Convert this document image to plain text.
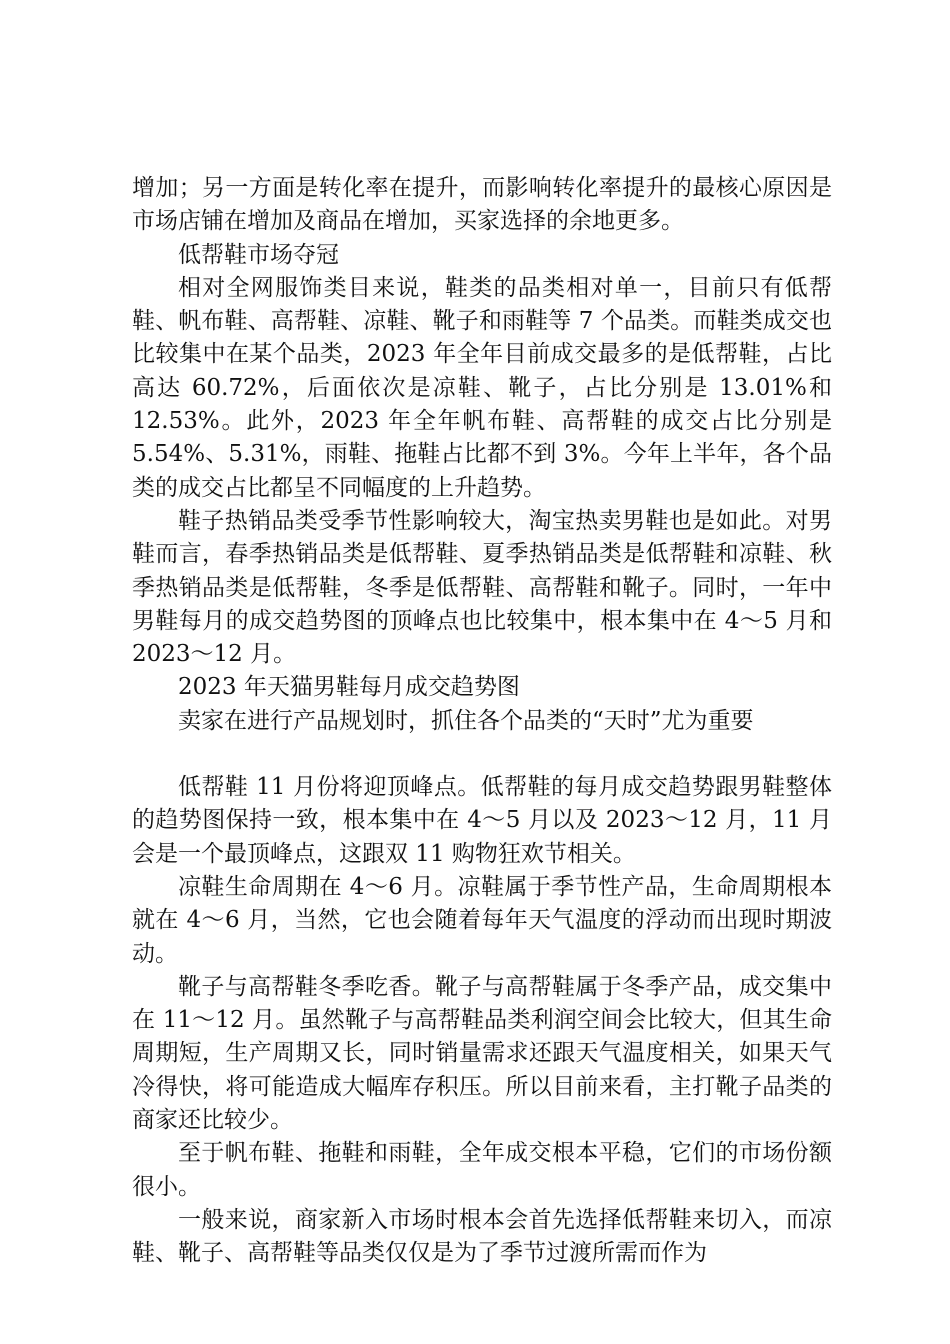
增加；另一方面是转化率在提升，而影响转化率提升的最核心原因是市场店铺在增加及商品在增加，买家选择的余地更多。

低帮鞋市场夺冠

相对全网服饰类目来说，鞋类的品类相对单一，目前只有低帮鞋、帆布鞋、高帮鞋、凉鞋、靴子和雨鞋等 7 个品类。而鞋类成交也比较集中在某个品类，2023 年全年目前成交最多的是低帮鞋，占比高达 60.72%，后面依次是凉鞋、靴子，占比分别是 13.01%和 12.53%。此外，2023 年全年帆布鞋、高帮鞋的成交占比分别是 5.54%、5.31%，雨鞋、拖鞋占比都不到 3%。今年上半年，各个品类的成交占比都呈不同幅度的上升趋势。

鞋子热销品类受季节性影响较大，淘宝热卖男鞋也是如此。对男鞋而言，春季热销品类是低帮鞋、夏季热销品类是低帮鞋和凉鞋、秋季热销品类是低帮鞋，冬季是低帮鞋、高帮鞋和靴子。同时，一年中男鞋每月的成交趋势图的顶峰点也比较集中，根本集中在 4～5 月和 2023～12 月。

2023 年天猫男鞋每月成交趋势图

卖家在进行产品规划时，抓住各个品类的“天时”尤为重要

低帮鞋 11 月份将迎顶峰点。低帮鞋的每月成交趋势跟男鞋整体的趋势图保持一致，根本集中在 4～5 月以及 2023～12 月，11 月会是一个最顶峰点，这跟双 11 购物狂欢节相关。

凉鞋生命周期在 4～6 月。凉鞋属于季节性产品，生命周期根本就在 4～6 月，当然，它也会随着每年天气温度的浮动而出现时期波动。

靴子与高帮鞋冬季吃香。靴子与高帮鞋属于冬季产品，成交集中在 11～12 月。虽然靴子与高帮鞋品类利润空间会比较大，但其生命周期短，生产周期又长，同时销量需求还跟天气温度相关，如果天气冷得快，将可能造成大幅库存积压。所以目前来看，主打靴子品类的商家还比较少。

至于帆布鞋、拖鞋和雨鞋，全年成交根本平稳，它们的市场份额很小。

一般来说，商家新入市场时根本会首先选择低帮鞋来切入，而凉鞋、靴子、高帮鞋等品类仅仅是为了季节过渡所需而作为
